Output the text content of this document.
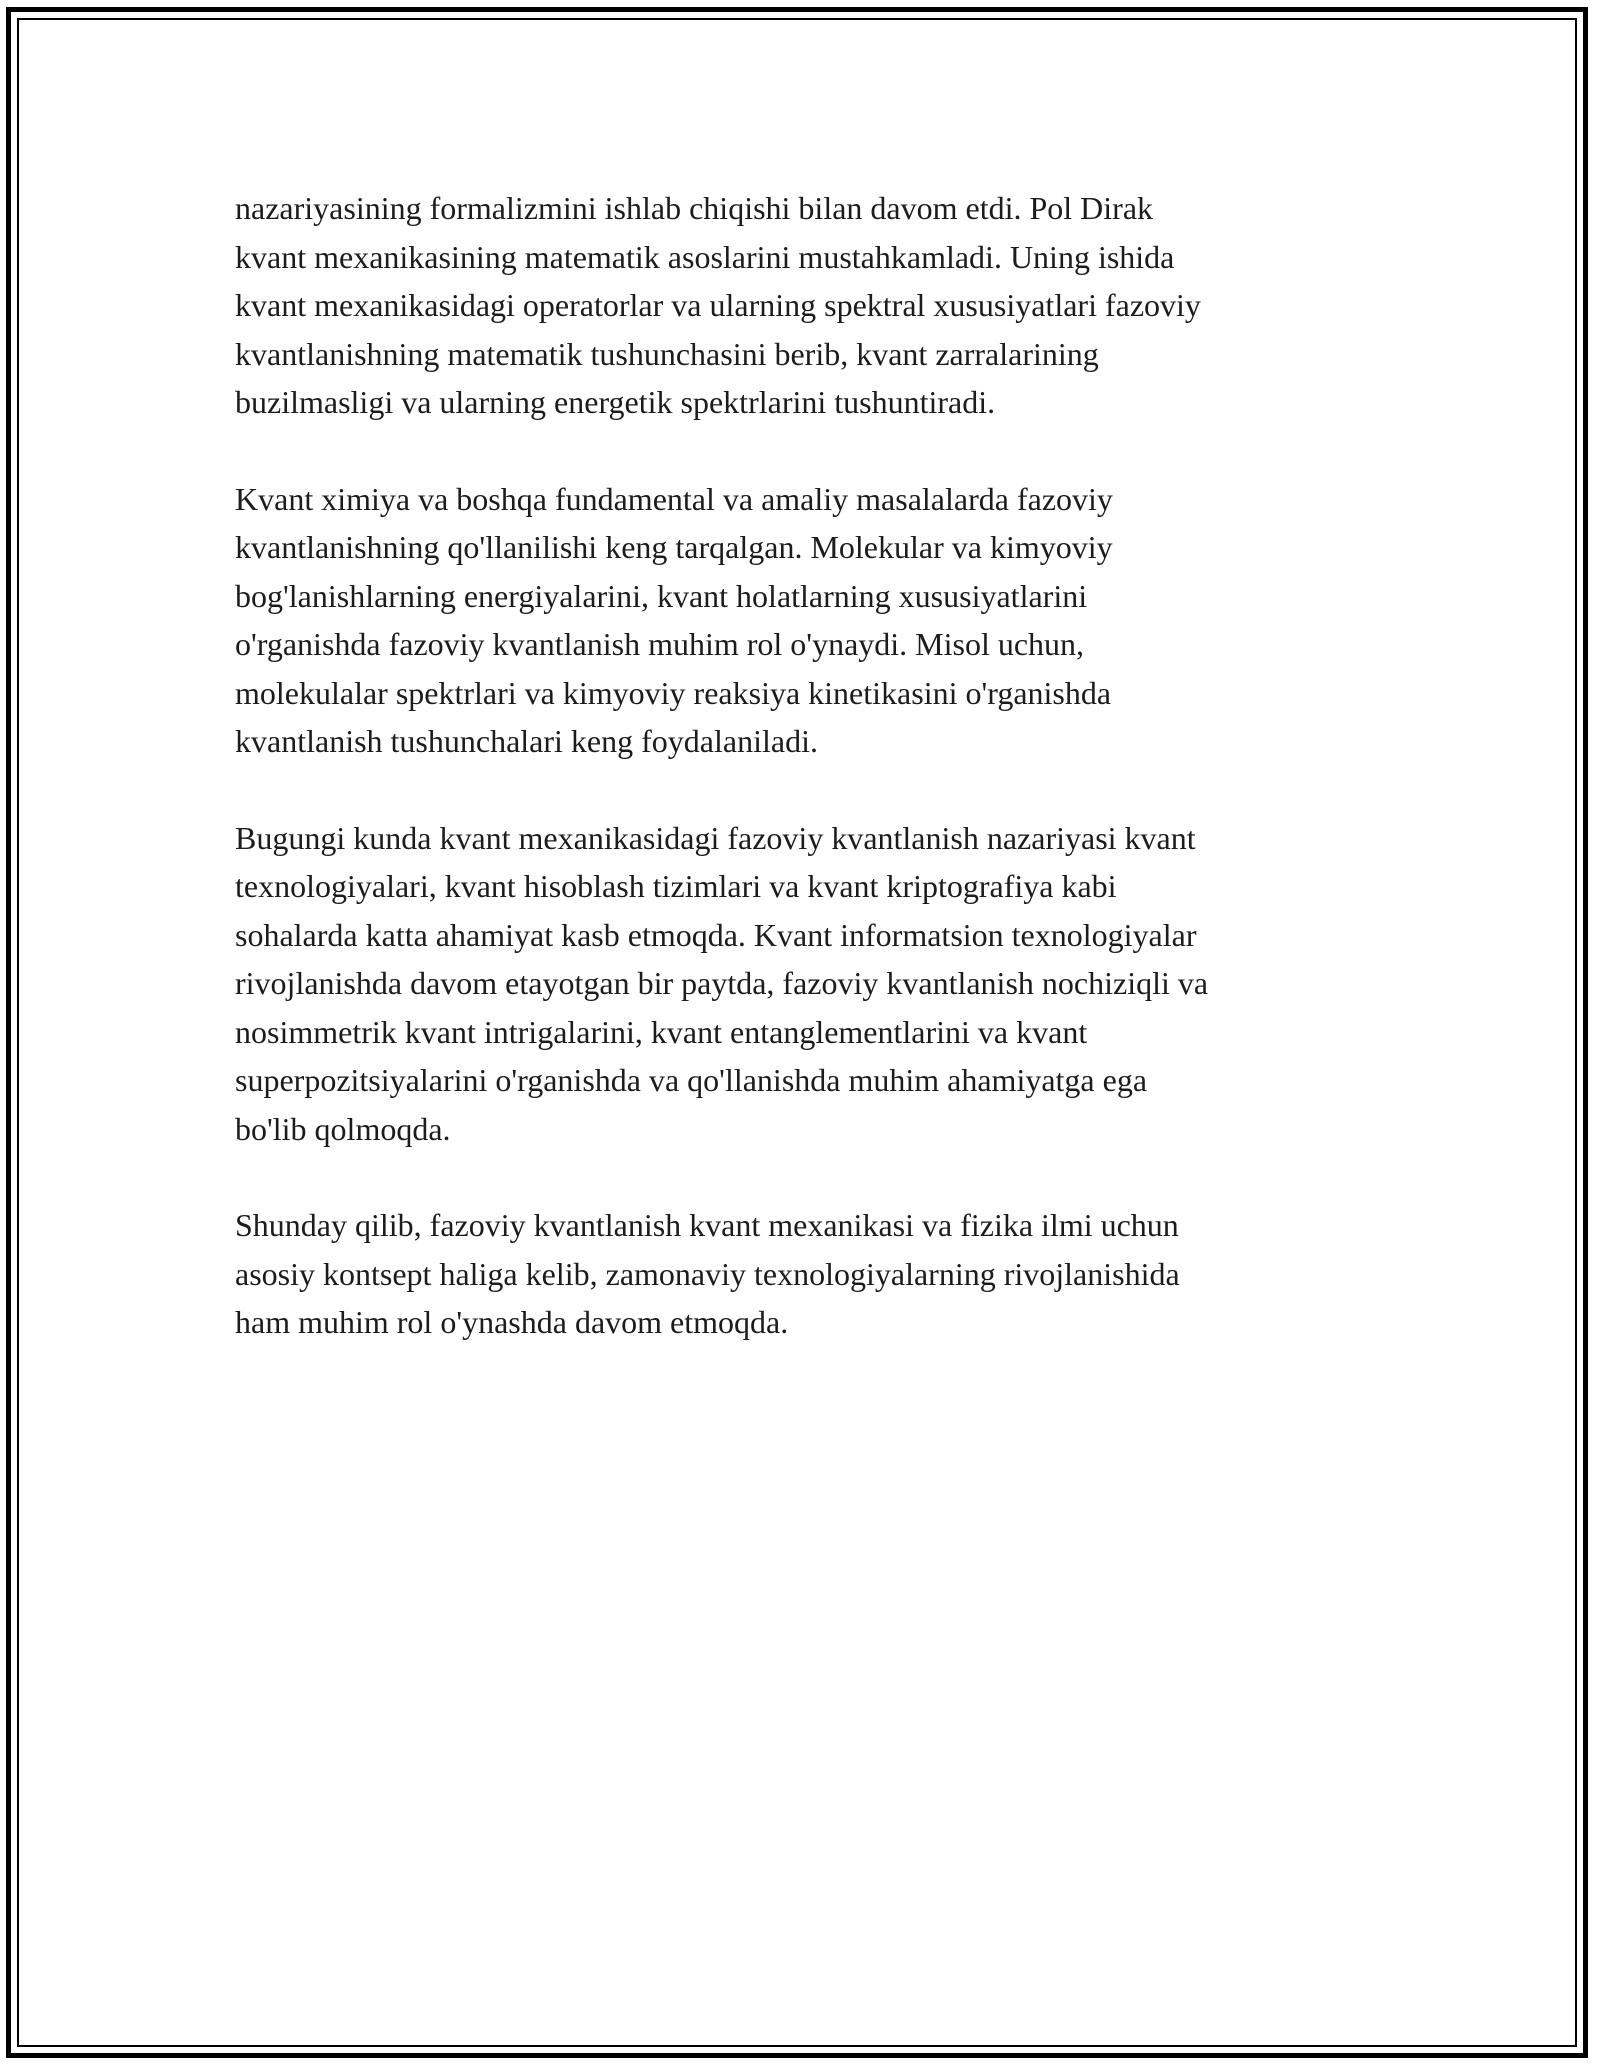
nazariyasining formalizmini ishlab chiqishi bilan davom etdi. Pol Dirak
kvant mexanikasining matematik asoslarini mustahkamladi. Uning ishida
kvant mexanikasidagi operatorlar va ularning spektral xususiyatlari fazoviy
kvantlanishning matematik tushunchasini berib, kvant zarralarining
buzilmasligi va ularning energetik spektrlarini tushuntiradi.

Kvant ximiya va boshqa fundamental va amaliy masalalarda fazoviy
kvantlanishning qo'llanilishi keng tarqalgan. Molekular va kimyoviy
bog'lanishlarning energiyalarini, kvant holatlarning xususiyatlarini
o'rganishda fazoviy kvantlanish muhim rol o'ynaydi. Misol uchun,
molekulalar spektrlari va kimyoviy reaksiya kinetikasini o'rganishda
kvantlanish tushunchalari keng foydalaniladi.

Bugungi kunda kvant mexanikasidagi fazoviy kvantlanish nazariyasi kvant
texnologiyalari, kvant hisoblash tizimlari va kvant kriptografiya kabi
sohalarda katta ahamiyat kasb etmoqda. Kvant informatsion texnologiyalar
rivojlanishda davom etayotgan bir paytda, fazoviy kvantlanish nochiziqli va
nosimmetrik kvant intrigalarini, kvant entanglementlarini va kvant
superpozitsiyalarini o'rganishda va qo'llanishda muhim ahamiyatga ega
bo'lib qolmoqda.

Shunday qilib, fazoviy kvantlanish kvant mexanikasi va fizika ilmi uchun
asosiy kontsept haliga kelib, zamonaviy texnologiyalarning rivojlanishida
ham muhim rol o'ynashda davom etmoqda.
